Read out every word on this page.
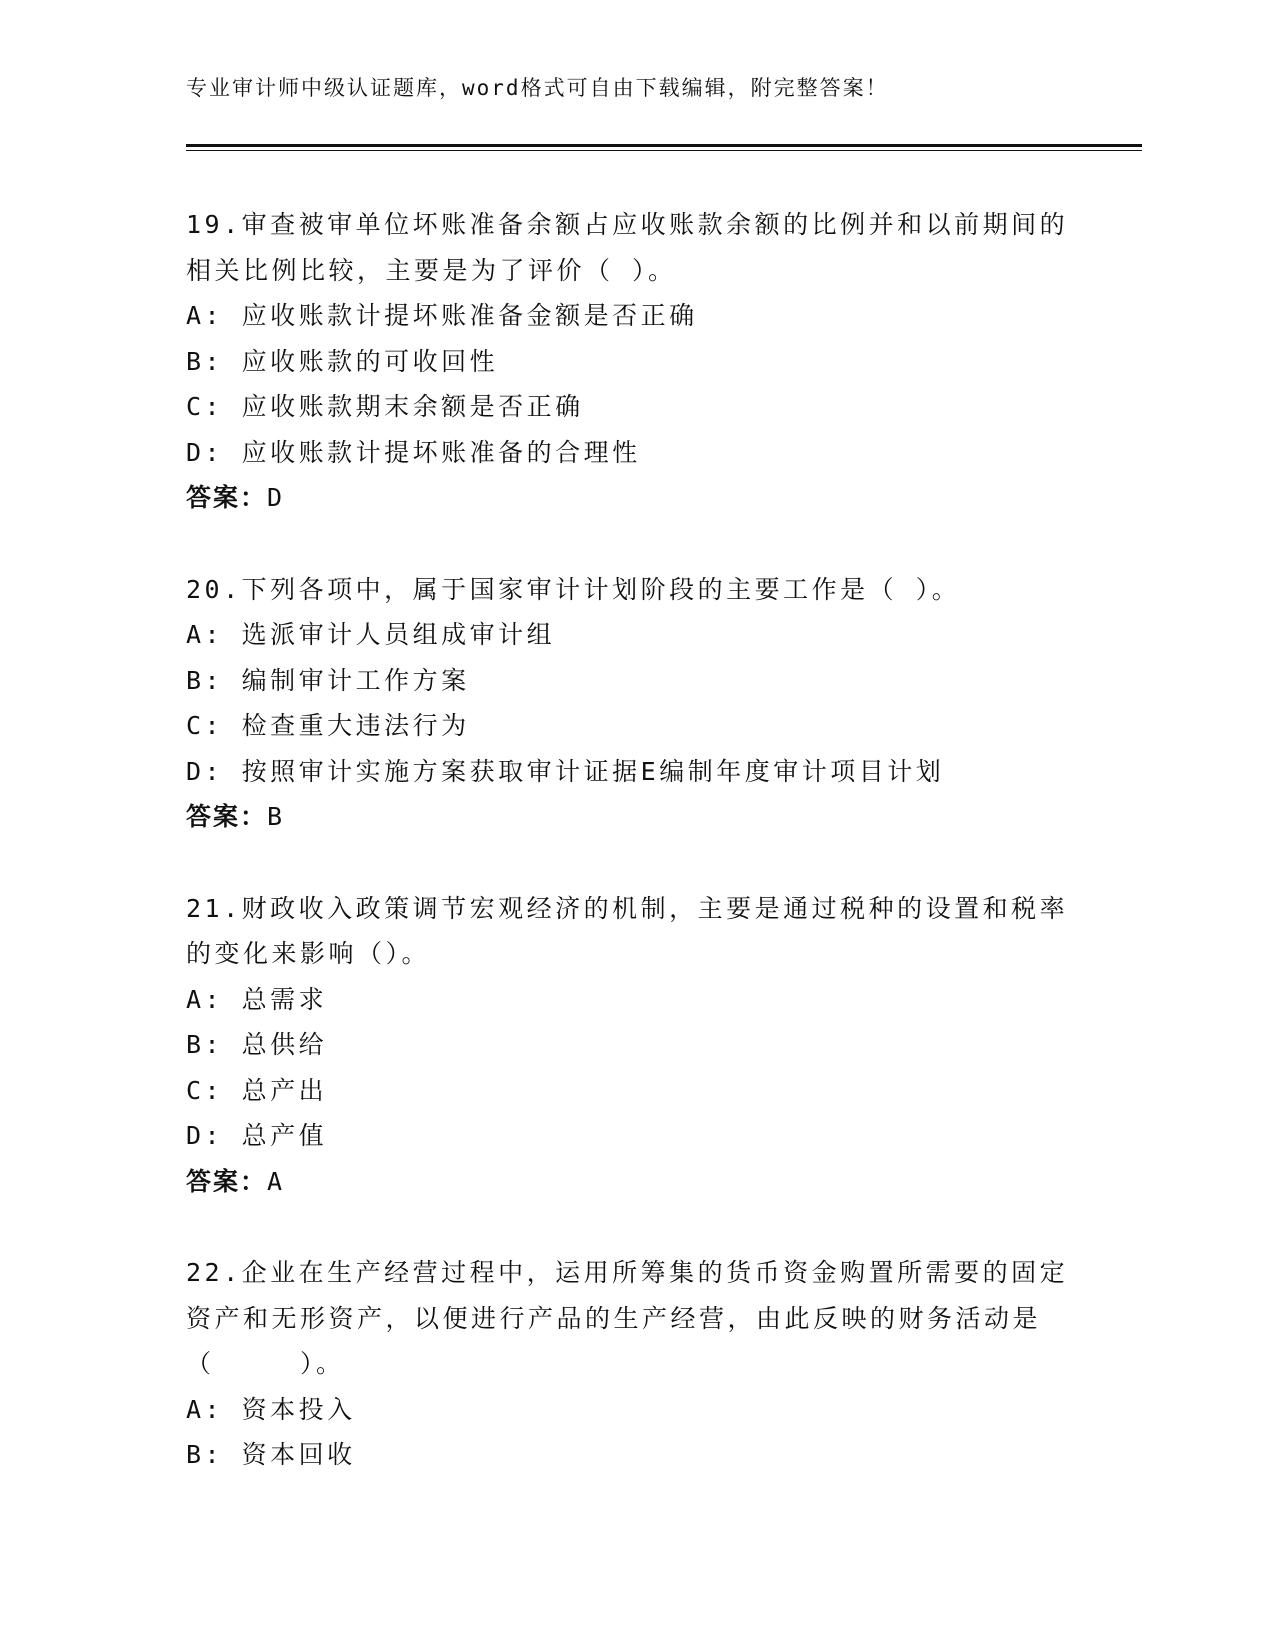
专业审计师中级认证题库，word格式可自由下载编辑，附完整答案！
19.审查被审单位坏账准备余额占应收账款余额的比例并和以前期间的
相关比例比较，主要是为了评价（ ）。
A: 应收账款计提坏账准备金额是否正确
B: 应收账款的可收回性
C: 应收账款期末余额是否正确
D: 应收账款计提坏账准备的合理性
答案：D
20.下列各项中，属于国家审计计划阶段的主要工作是（ ）。
A: 选派审计人员组成审计组
B: 编制审计工作方案
C: 检查重大违法行为
D: 按照审计实施方案获取审计证据E编制年度审计项目计划
答案：B
21.财政收入政策调节宏观经济的机制，主要是通过税种的设置和税率
的变化来影响（）。
A: 总需求
B: 总供给
C: 总产出
D: 总产值
答案：A
22.企业在生产经营过程中，运用所筹集的货币资金购置所需要的固定
资产和无形资产，以便进行产品的生产经营，由此反映的财务活动是
（　　　）。
A: 资本投入
B: 资本回收
